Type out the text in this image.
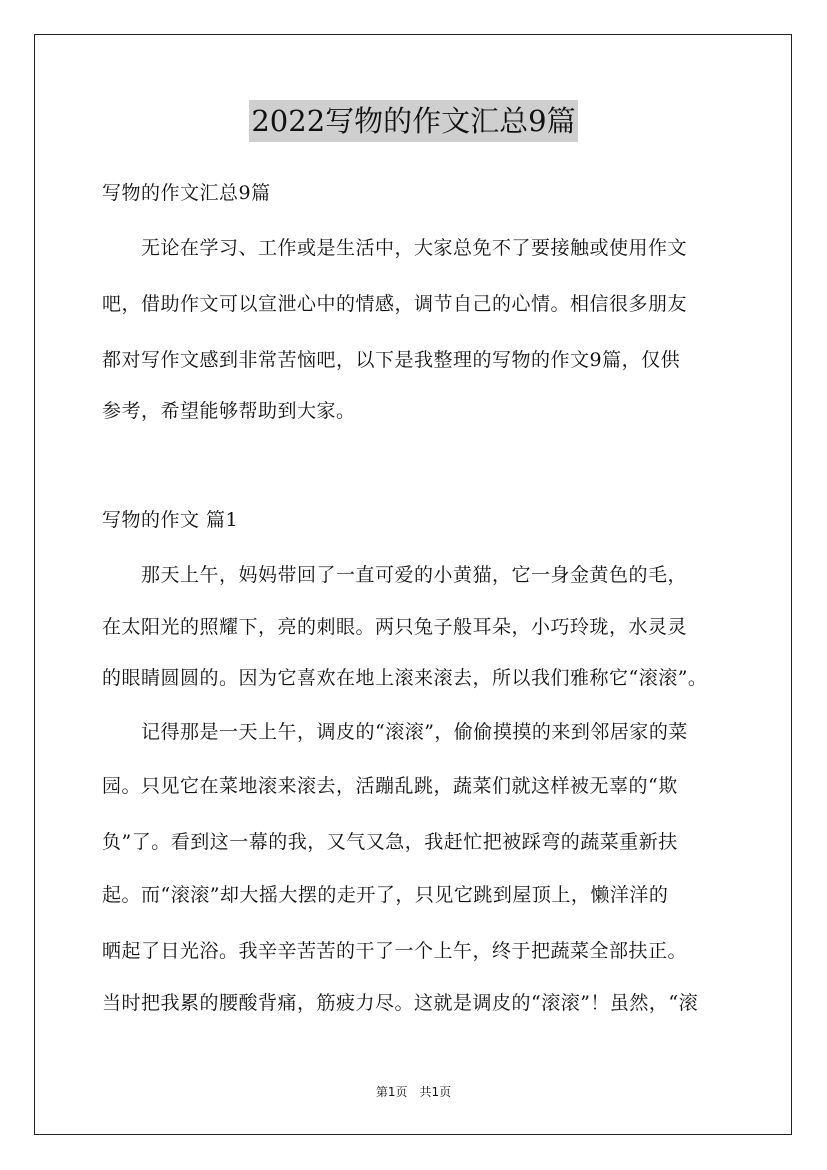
2022写物的作文汇总9篇
写物的作文汇总9篇
　　无论在学习、工作或是生活中，大家总免不了要接触或使用作文
吧，借助作文可以宣泄心中的情感，调节自己的心情。相信很多朋友
都对写作文感到非常苦恼吧，以下是我整理的写物的作文9篇，仅供
参考，希望能够帮助到大家。
写物的作文 篇1
　　那天上午，妈妈带回了一直可爱的小黄猫，它一身金黄色的毛，
在太阳光的照耀下，亮的刺眼。两只兔子般耳朵，小巧玲珑，水灵灵
的眼睛圆圆的。因为它喜欢在地上滚来滚去，所以我们雅称它“滚滚”。
　　记得那是一天上午，调皮的“滚滚”，偷偷摸摸的来到邻居家的菜
园。只见它在菜地滚来滚去，活蹦乱跳，蔬菜们就这样被无辜的“欺
负”了。看到这一幕的我，又气又急，我赶忙把被踩弯的蔬菜重新扶
起。而“滚滚”却大摇大摆的走开了，只见它跳到屋顶上，懒洋洋的
晒起了日光浴。我辛辛苦苦的干了一个上午，终于把蔬菜全部扶正。
当时把我累的腰酸背痛，筋疲力尽。这就是调皮的“滚滚”！虽然，“滚
第1页　共1页
